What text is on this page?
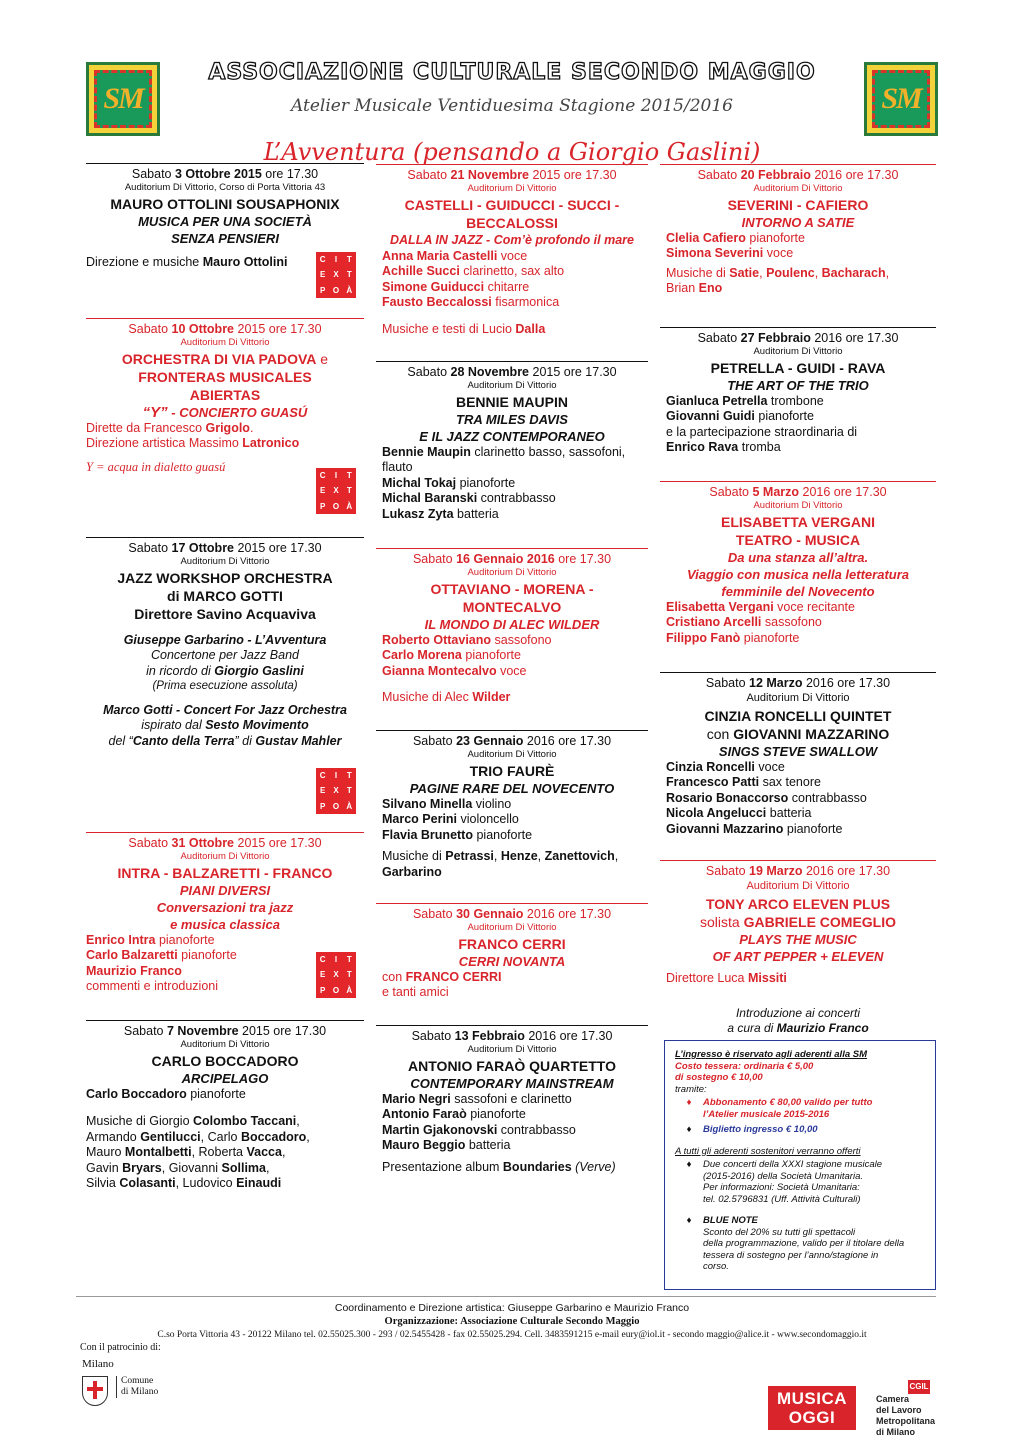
SM	SM
ASSOCIAZIONE CULTURALE SECONDO MAGGIO
Atelier Musicale Ventiduesima Stagione 2015/2016
L’Avventura (pensando a Giorgio Gaslini)
Sabato 3 Ottobre 2015 ore 17.30
Auditorium Di Vittorio, Corso di Porta Vittoria 43
MAURO OTTOLINI SOUSAPHONIX
MUSICA PER UNA SOCIETÀ
SENZA PENSIERI
Direzione e musiche Mauro Ottolini	C	I	T
E X	T
P O À
Sabato 10 Ottobre 2015 ore 17.30
Auditorium Di Vittorio
ORCHESTRA DI VIA PADOVA e
FRONTERAS MUSICALES
ABIERTAS
“Y” - CONCIERTO GUASÚ
Dirette da Francesco Grigolo.
Direzione artistica Massimo Latronico
Y = acqua in dialetto guasú
C	I	T
E X	T
P O À
Sabato 17 Ottobre 2015 ore 17.30
Auditorium Di Vittorio
JAZZ WORKSHOP ORCHESTRA
di MARCO GOTTI
Direttore Savino Acquaviva
Giuseppe Garbarino - L’Avventura
Concertone per Jazz Band
in ricordo di Giorgio Gaslini
(Prima esecuzione assoluta)
Marco Gotti - Concert For Jazz Orchestra
ispirato dal Sesto Movimento
del “Canto della Terra” di Gustav Mahler
C	I	T
E X	T
P O À
Sabato 31 Ottobre 2015 ore 17.30
Auditorium Di Vittorio
INTRA - BALZARETTI - FRANCO
PIANI DIVERSI
Conversazioni tra jazz
e musica classica
Enrico Intra pianoforte
Carlo Balzaretti pianoforte
Maurizio Franco
commenti e introduzioni
C	I	T
E X	T
P O À
Sabato 7 Novembre 2015 ore 17.30
Auditorium Di Vittorio
CARLO BOCCADORO
ARCIPELAGO
Carlo Boccadoro pianoforte
Musiche di Giorgio Colombo Taccani,
Armando Gentilucci, Carlo Boccadoro,
Mauro Montalbetti, Roberta Vacca,
Gavin Bryars, Giovanni Sollima,
Silvia Colasanti, Ludovico Einaudi
Sabato 21 Novembre 2015 ore 17.30
Auditorium Di Vittorio
CASTELLI - GUIDUCCI - SUCCI -
BECCALOSSI
DALLA IN JAZZ - Com’è profondo il mare
Anna Maria Castelli voce
Achille Succi clarinetto, sax alto
Simone Guiducci chitarre
Fausto Beccalossi fisarmonica
Musiche e testi di Lucio Dalla
Sabato 28 Novembre 2015 ore 17.30
Auditorium Di Vittorio
BENNIE MAUPIN
TRA MILES DAVIS
E IL JAZZ CONTEMPORANEO
Bennie Maupin clarinetto basso, sassofoni,
flauto
Michal Tokaj pianoforte
Michal Baranski contrabbasso
Lukasz Zyta batteria
Sabato 16 Gennaio 2016 ore 17.30
Auditorium Di Vittorio
OTTAVIANO - MORENA -
MONTECALVO
IL MONDO DI ALEC WILDER
Roberto Ottaviano sassofono
Carlo Morena pianoforte
Gianna Montecalvo voce
Musiche di Alec Wilder
Sabato 23 Gennaio 2016 ore 17.30
Auditorium Di Vittorio
TRIO FAURÈ
PAGINE RARE DEL NOVECENTO
Silvano Minella violino
Marco Perini violoncello
Flavia Brunetto pianoforte
Musiche di Petrassi, Henze, Zanettovich,
Garbarino
Sabato 30 Gennaio 2016 ore 17.30
Auditorium Di Vittorio
FRANCO CERRI
CERRI NOVANTA
con FRANCO CERRI
e tanti amici
Sabato 13 Febbraio 2016 ore 17.30
Auditorium Di Vittorio
ANTONIO FARAÒ QUARTETTO
CONTEMPORARY MAINSTREAM
Mario Negri sassofoni e clarinetto
Antonio Faraò pianoforte
Martin Gjakonovski contrabbasso
Mauro Beggio batteria
Presentazione album Boundaries (Verve)
Sabato 20 Febbraio 2016 ore 17.30
Auditorium Di Vittorio
SEVERINI - CAFIERO
INTORNO A SATIE
Clelia Cafiero pianoforte
Simona Severini voce
Musiche di Satie, Poulenc, Bacharach,
Brian Eno
Sabato 27 Febbraio 2016 ore 17.30
Auditorium Di Vittorio
PETRELLA - GUIDI - RAVA
THE ART OF THE TRIO
Gianluca Petrella trombone
Giovanni Guidi pianoforte
e la partecipazione straordinaria di
Enrico Rava tromba
Sabato 5 Marzo 2016 ore 17.30
Auditorium Di Vittorio
ELISABETTA VERGANI
TEATRO - MUSICA
Da una stanza all’altra.
Viaggio con musica nella letteratura
femminile del Novecento
Elisabetta Vergani voce recitante
Cristiano Arcelli sassofono
Filippo Fanò pianoforte
Sabato 12 Marzo 2016 ore 17.30
Auditorium Di Vittorio
CINZIA RONCELLI QUINTET
con GIOVANNI MAZZARINO
SINGS STEVE SWALLOW
Cinzia Roncelli voce
Francesco Patti sax tenore
Rosario Bonaccorso contrabbasso
Nicola Angelucci batteria
Giovanni Mazzarino pianoforte
Sabato 19 Marzo 2016 ore 17.30
Auditorium Di Vittorio
TONY ARCO ELEVEN PLUS
solista GABRIELE COMEGLIO
PLAYS THE MUSIC
OF ART PEPPER + ELEVEN
Direttore Luca Missiti
Introduzione ai concerti
a cura di Maurizio Franco
L’ingresso è riservato agli aderenti alla SM
Costo tessera: ordinaria € 5,00
di sostegno € 10,00
tramite:
♦	Abbonamento € 80,00 valido per tutto
l’Atelier musicale 2015-2016
♦	Biglietto ingresso € 10,00
A tutti gli aderenti sostenitori verranno offerti
♦	Due concerti della XXXI stagione musicale
(2015-2016) della Società Umanitaria.
Per informazioni: Società Umanitaria:
tel. 02.5796831 (Uff. Attività Culturali)
♦	BLUE NOTE
Sconto del 20% su tutti gli spettacoli
della programmazione, valido per il titolare della
tessera di sostegno per l’anno/stagione in
corso.
Coordinamento e Direzione artistica: Giuseppe Garbarino e Maurizio Franco
Organizzazione: Associazione Culturale Secondo Maggio
C.so Porta Vittoria 43 - 20122 Milano tel. 02.55025.300 - 293 / 02.5455428 - fax 02.55025.294. Cell. 3483591215 e-mail eury@iol.it - secondo maggio@alice.it - www.secondomaggio.it
Con il patrocinio di:
Milano
Comune
di Milano	MUSICA
OGGI
CGIL
Camera
del Lavoro
Metropolitana
di Milano
